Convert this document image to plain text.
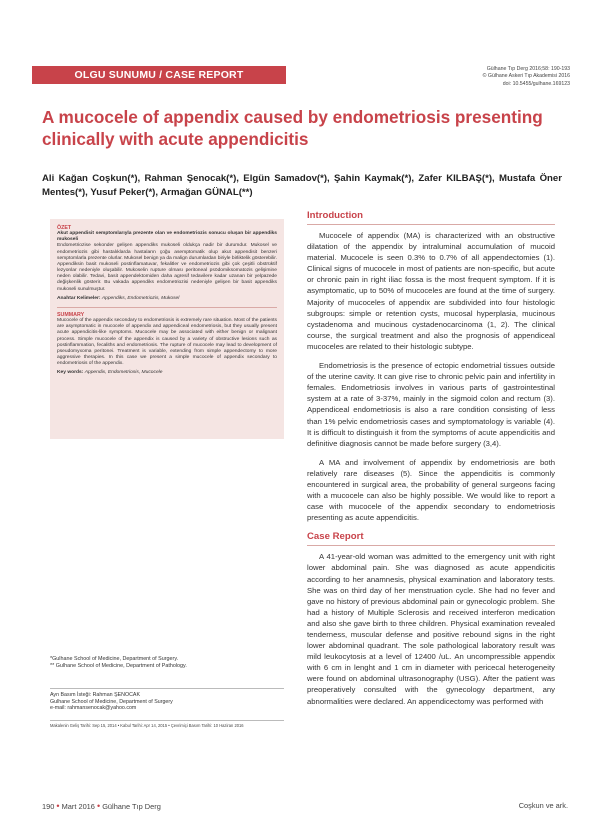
OLGU SUNUMU / CASE REPORT	Gülhane Tıp Derg 2016;58: 190-193
© Gülhane Askeri Tıp Akademisi 2016
doi: 10.5455/gulhane.169123
A mucocele of appendix caused by endometriosis presenting clinically with acute appendicitis
Ali Kağan Coşkun(*), Rahman Şenocak(*), Elgün Samadov(*), Şahin Kaymak(*), Zafer KILBAŞ(*), Mustafa Öner Mentes(*), Yusuf Peker(*), Armağan GÜNAL(**)

ÖZET

Akut appendisit semptomlarıyla prezente olan ve endometriozis sonucu oluşan bir appendiks mukoseli

Endometriozise sekonder gelişen appendiks mukoseli oldukça nadir bir durumdur. Mukosel ve endometriozis gibi hastalıklarda hastaların çoğu asemptomatik olup akut appendisit benzeri semptomlarla prezente olurlar. Mukosel benign ya da malign durumlardan biriyle birliktelik gösterebilir. Appendiksin basit mukoseli postinflamatuvar, fekalitler ve endometriozis gibi çok çeşitli obstrüktif lezyonlar nedeniyle oluşabilir. Mukoselin rupture olması peritoneal psödomiksomatozis gelişimine neden olabilir. Tedavi, basit appendektomiden daha agresif tedavilere kadar uzanan bir yelpazede değişkenlik gösterir. Bu vakada appendiks endometriozisi nedeniyle gelişen bir basit appendiks mukoseli sunulmuştur.

Anahtar Kelimeler: Appendiks, Endometriozis, Mukosel

SUMMARY

Mucocele of the appendix secondary to endometriosis is extremely rare situation. Most of the patients are asymptomatic in mucocele of appendix and appendiceal endometriosis, but they usually present acute appendicitis-like symptoms. Mucocele may be associated with either benign or malignant process. Simple mucocele of the appendix is caused by a variety of obstructive lesions such as postinflammation, fecaliths and endometriosis. The rupture of mucocele may lead to development of pseudomyxoma peritonei. Treatment is variable, extending from simple appendectomy to more aggressive therapies. In this case we present a simple mucocele of appendix secondary to endometriosis of the appendix.

Key words: Appendix, Endometriosis, Mucocele

Introduction

Mucocele of appendix (MA) is characterized with an obstructive dilatation of the appendix by intraluminal accumulation of mucoid material. Mucocele is seen 0.3% to 0.7% of all appendectomies (1). Clinical signs of mucocele in most of patients are non-specific, but acute or chronic pain in right iliac fossa is the most frequent symptom. If it is asymptomatic, up to 50% of mucoceles are found at the time of surgery. Majority of mucoceles of appendix are subdivided into four histologic subgroups: simple or retention cysts, mucosal hyperplasia, mucinous cystadenoma and mucinous cystadenocarcinoma (1, 2). The clinical course, the surgical treatment and also the prognosis of appendiceal mucoceles are related to their histologic subtype.

Endometriosis is the presence of ectopic endometrial tissues outside of the uterine cavity. It can give rise to chronic pelvic pain and infertility in females. Endometriosis involves in various parts of gastrointestinal system at a rate of 3-37%, mainly in the sigmoid colon and rectum (3). Appendiceal endometriosis is also a rare condition consisting of less than 1% pelvic endometriosis cases and symptomatology is variable (4). It is difficult to distinguish it from the symptoms of acute appendicitis and definitive diagnosis cannot be made before surgery (3,4).

A MA and involvement of appendix by endometriosis are both relatively rare diseases (5). Since the appendicitis is commonly encountered in surgical area, the probability of general surgeons facing with a mucocele can also be highly possible. We would like to report a case with mucocele of the appendix secondary to endometriosis presenting as acute appendicitis.

Case Report

A 41-year-old woman was admitted to the emergency unit with right lower abdominal pain. She was diagnosed as acute appendicitis according to her anamnesis, physical examination and laboratory tests. She was on third day of her menstruation cycle. She had no fever and gave no history of previous abdominal pain or gynecologic problem. She had a history of Multiple Sclerosis and received interferon medication and also she gave birth to three children. Physical examination revealed tenderness, muscular defense and positive rebound signs in the right lower abdominal quadrant. The sole pathological laboratory result was mild leukocytosis at a level of 12400 /uL. An uncompressible appendix with 6 cm in lenght and 1 cm in diameter with pericecal heterogeneity were found on abdominal ultrasonography (USG). After the patient was preoperatively consulted with the gynecology department, any abnormalities were declared. An appendicectomy was performed with

*Gulhane School of Medicine, Department of Surgery.
** Gulhane School of Medicine, Department of Pathology.
Ayn Basım İsteği: Rahman ŞENOCAK
Gulhane School of Medicine, Department of Surgery
e-mail: rahmansenocak@yahoo.com
Makalenin Geliş Tarihi: Sep 15, 2014 • Kabul Tarihi: Apr 14, 2015 • Çevrimiçi Basım Tarihi: 10 Haziran 2016
190 • Mart 2016 • Gülhane Tıp Derg	Coşkun ve ark.
